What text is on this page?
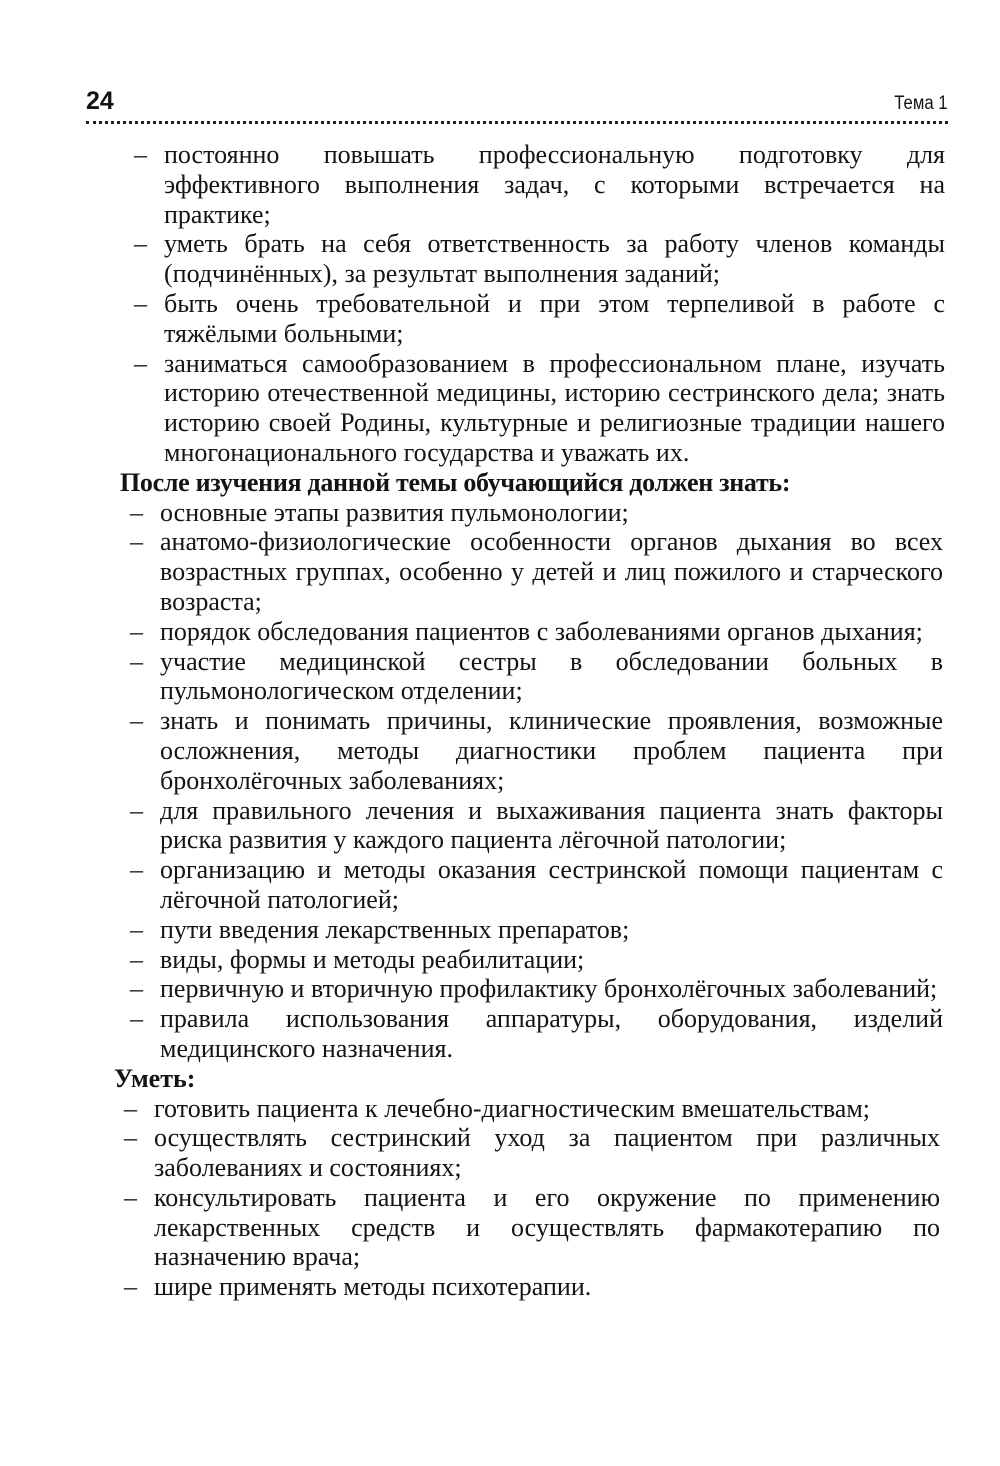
24	Тема 1
– постоянно повышать профессиональную подготовку для эффективного выполнения задач, с которыми встречается на практике;
– уметь брать на себя ответственность за работу членов команды (подчинённых), за результат выполнения заданий;
– быть очень требовательной и при этом терпеливой в работе с тяжёлыми больными;
– заниматься самообразованием в профессиональном плане, изучать историю отечественной медицины, историю сестринского дела; знать историю своей Родины, культурные и религиозные традиции нашего многонационального государства и уважать их.
После изучения данной темы обучающийся должен знать:
– основные этапы развития пульмонологии;
– анатомо-физиологические особенности органов дыхания во всех возрастных группах, особенно у детей и лиц пожилого и старческого возраста;
– порядок обследования пациентов с заболеваниями органов дыхания;
– участие медицинской сестры в обследовании больных в пульмонологическом отделении;
– знать и понимать причины, клинические проявления, возможные осложнения, методы диагностики проблем пациента при бронхолёгочных заболеваниях;
– для правильного лечения и выхаживания пациента знать факторы риска развития у каждого пациента лёгочной патологии;
– организацию и методы оказания сестринской помощи пациентам с лёгочной патологией;
– пути введения лекарственных препаратов;
– виды, формы и методы реабилитации;
– первичную и вторичную профилактику бронхолёгочных заболеваний;
– правила использования аппаратуры, оборудования, изделий медицинского назначения.
Уметь:
– готовить пациента к лечебно-диагностическим вмешательствам;
– осуществлять сестринский уход за пациентом при различных заболеваниях и состояниях;
– консультировать пациента и его окружение по применению лекарственных средств и осуществлять фармакотерапию по назначению врача;
– шире применять методы психотерапии.
